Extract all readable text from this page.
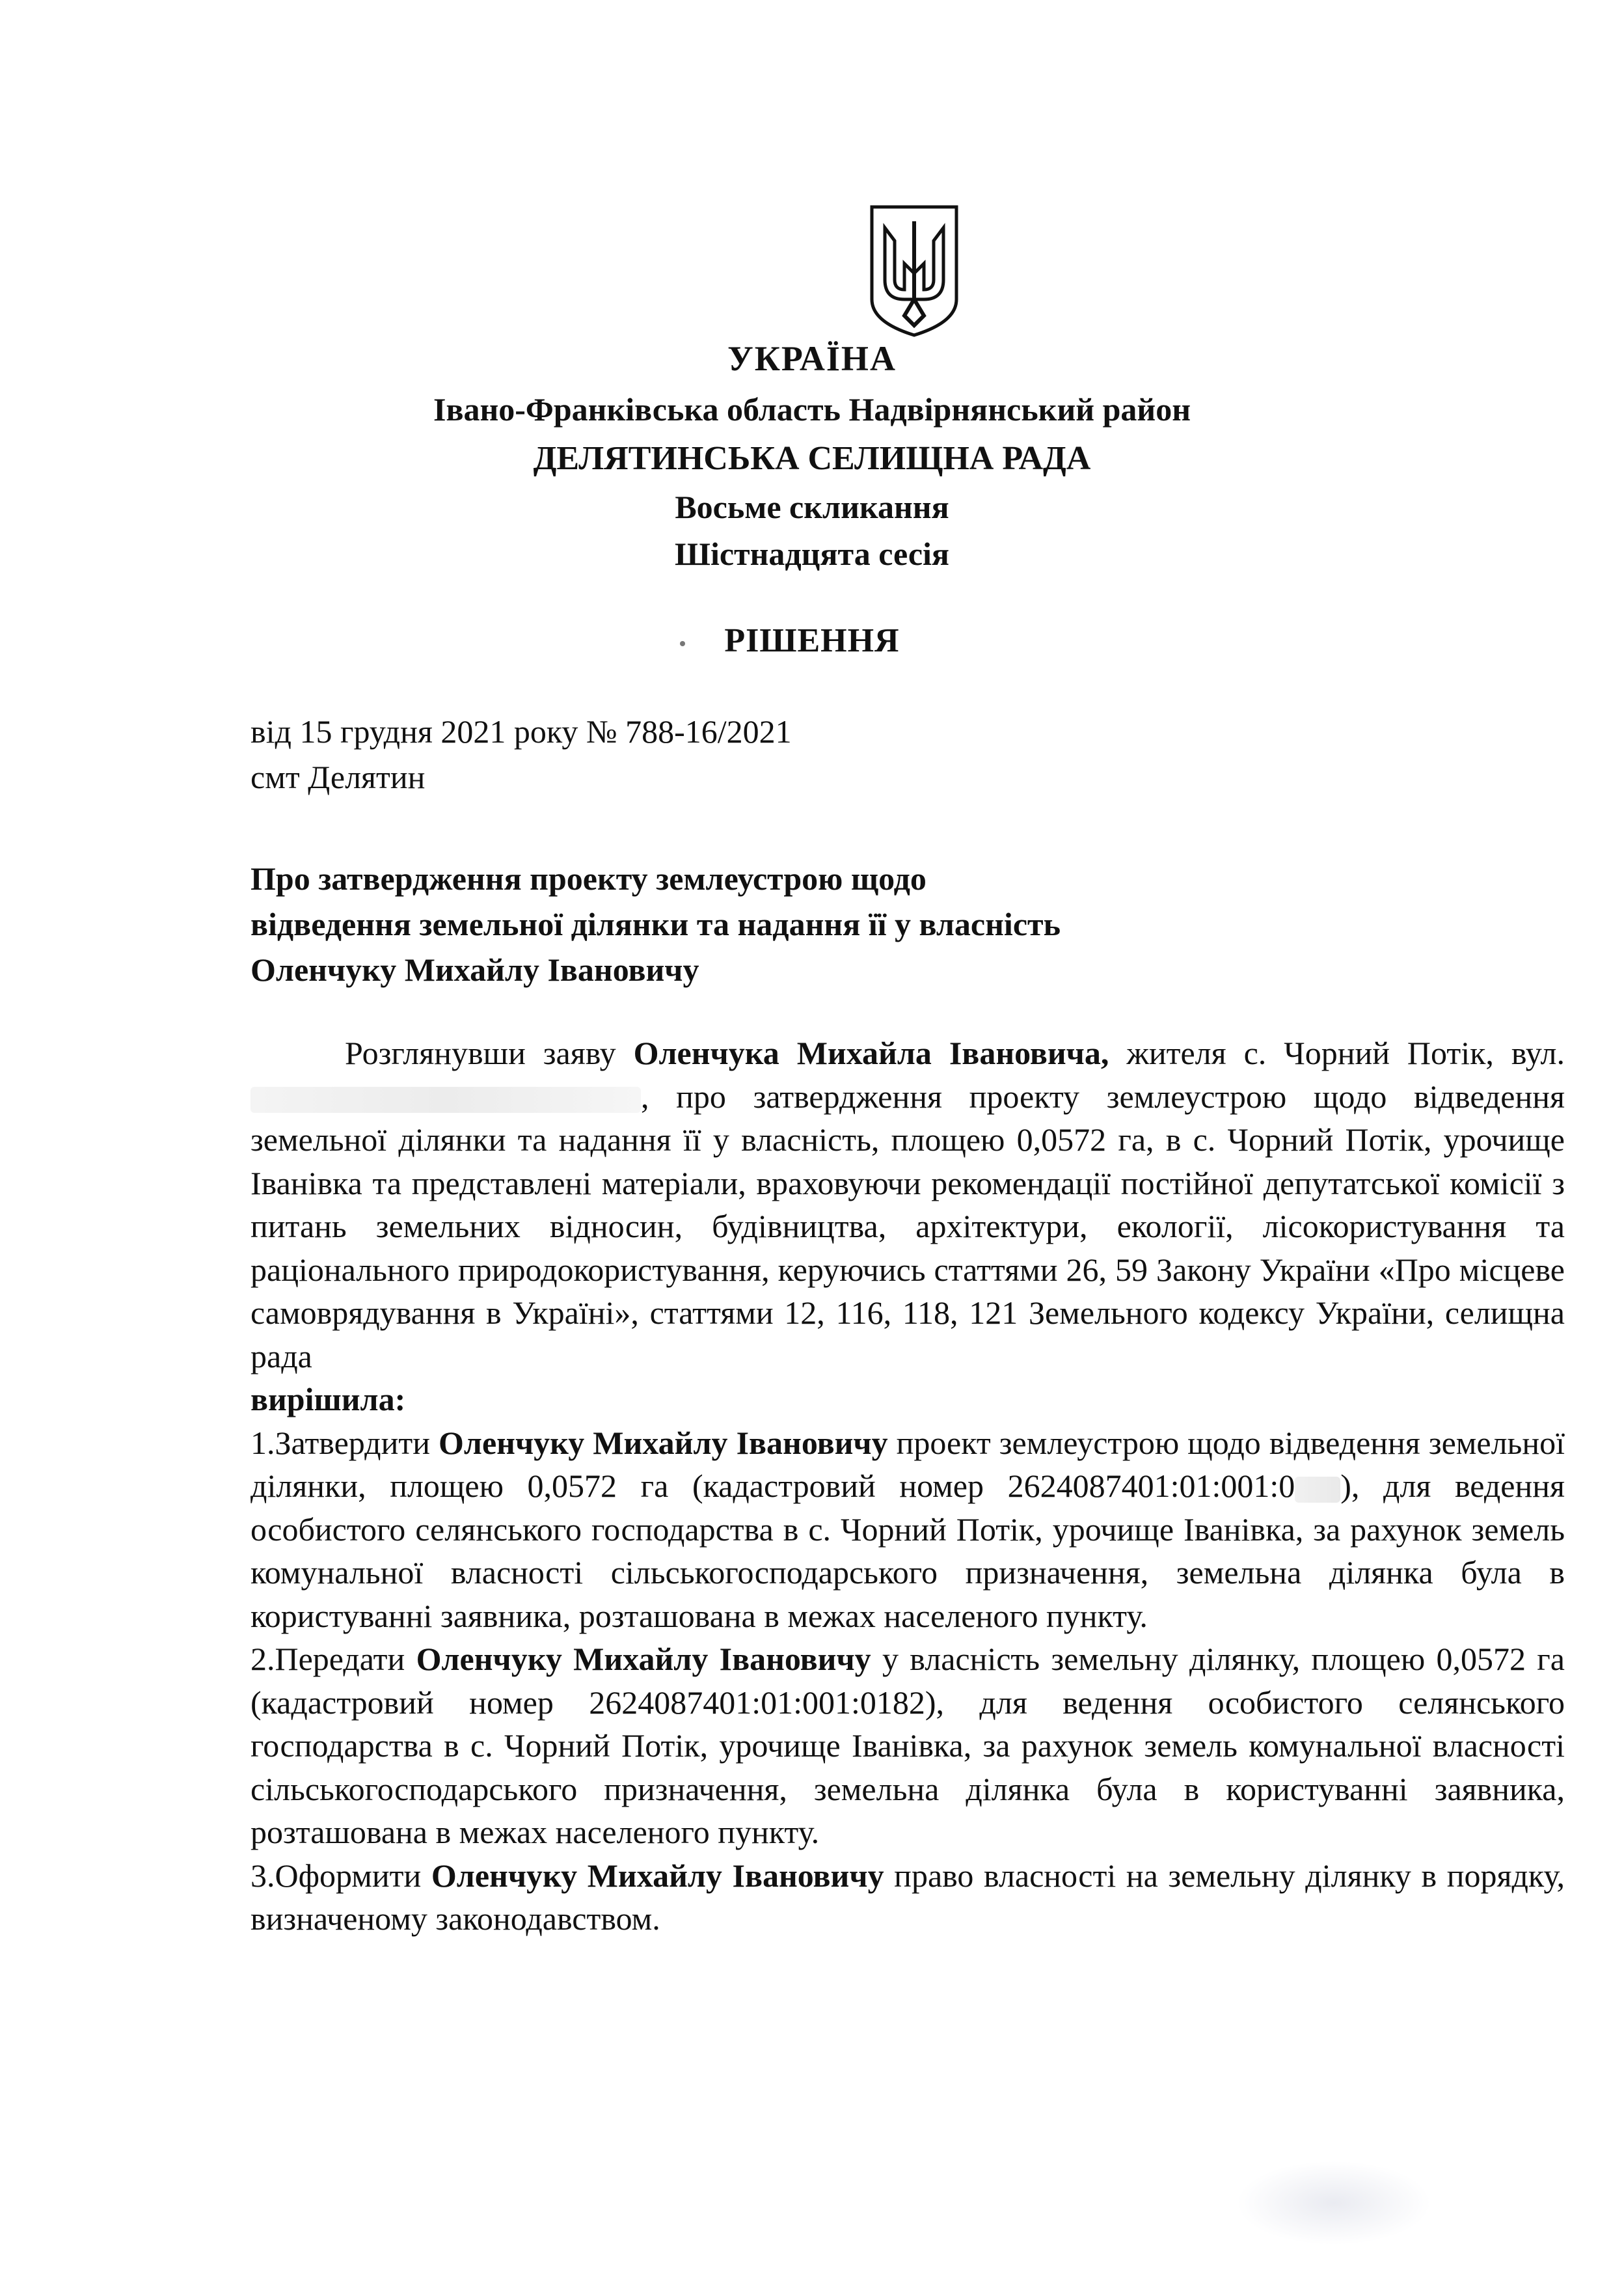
УКРАЇНА
Івано-Франківська область Надвірнянський район
ДЕЛЯТИНСЬКА СЕЛИЩНА РАДА
Восьме скликання
Шістнадцята сесія
РІШЕННЯ
від 15 грудня 2021 року № 788-16/2021
смт Делятин
Про затвердження проекту землеустрою щодо
відведення земельної ділянки та надання її у власність
Оленчуку Михайлу Івановичу

Розглянувши заяву Оленчука Михайла Івановича, жителя с. Чорний Потік, вул. , про затвердження проекту землеустрою щодо відведення земельної ділянки та надання її у власність, площею 0,0572 га, в с. Чорний Потік, урочище Іванівка та представлені матеріали, враховуючи рекомендації постійної депутатської комісії з питань земельних відносин, будівництва, архітектури, екології, лісокористування та раціонального природокористування, керуючись статтями 26, 59 Закону України «Про місцеве самоврядування в Україні», статтями 12, 116, 118, 121 Земельного кодексу України, селищна рада

вирішила:

1.Затвердити Оленчуку Михайлу Івановичу проект землеустрою щодо відведення земельної ділянки, площею 0,0572 га (кадастровий номер 2624087401:01:001:0 ), для ведення особистого селянського господарства в с. Чорний Потік, урочище Іванівка, за рахунок земель комунальної власності сільськогосподарського призначення, земельна ділянка була в користуванні заявника, розташована в межах населеного пункту.

2.Передати Оленчуку Михайлу Івановичу у власність земельну ділянку, площею 0,0572 га (кадастровий номер 2624087401:01:001:0182), для ведення особистого селянського господарства в с. Чорний Потік, урочище Іванівка, за рахунок земель комунальної власності сільськогосподарського призначення, земельна ділянка була в користуванні заявника, розташована в межах населеного пункту.

3.Оформити Оленчуку Михайлу Івановичу право власності на земельну ділянку в порядку, визначеному законодавством.
